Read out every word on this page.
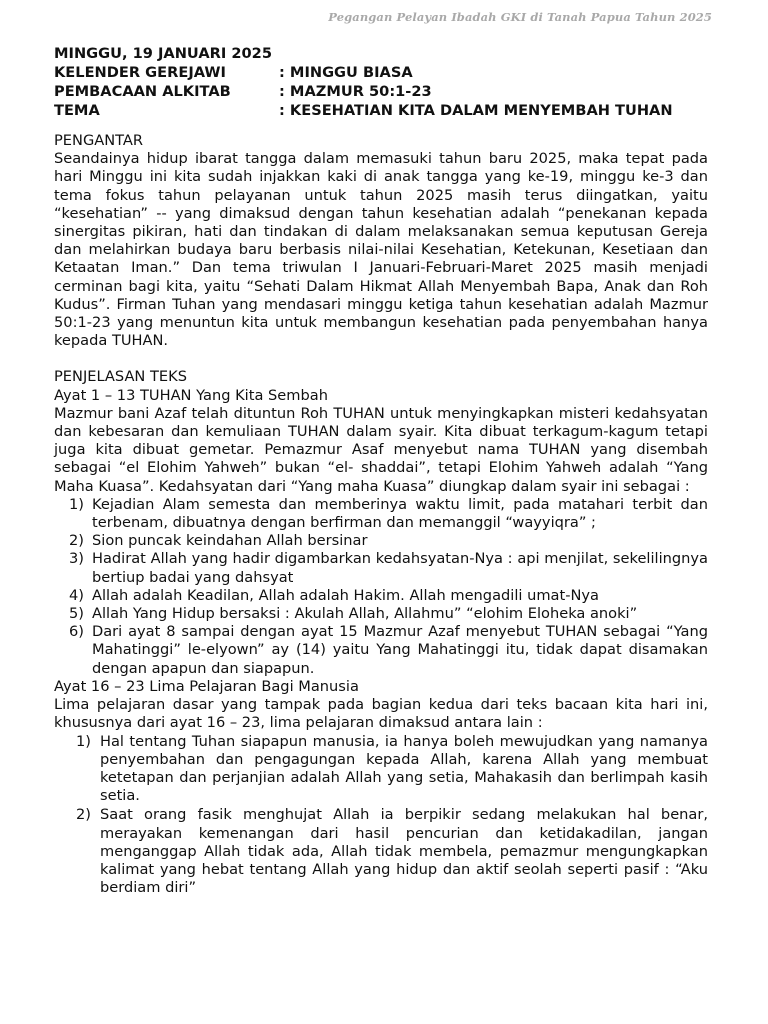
Pegangan Pelayan Ibadah GKI di Tanah Papua Tahun 2025
MINGGU, 19 JANUARI 2025
KELENDER GEREJAWI	: MINGGU BIASA
PEMBACAAN ALKITAB	: MAZMUR 50:1-23
TEMA	: KESEHATIAN KITA DALAM MENYEMBAH TUHAN
PENGANTAR

Seandainya hidup ibarat tangga dalam memasuki tahun baru 2025, maka tepat pada hari Minggu ini kita sudah injakkan kaki di anak tangga yang ke-19, minggu ke-3 dan tema fokus tahun pelayanan untuk tahun 2025 masih terus diingatkan, yaitu “kesehatian” -- yang dimaksud dengan tahun kesehatian adalah “penekanan kepada sinergitas pikiran, hati dan tindakan di dalam melaksanakan semua keputusan Gereja dan melahirkan budaya baru berbasis nilai-nilai Kesehatian, Ketekunan, Kesetiaan dan Ketaatan Iman.” Dan tema triwulan I Januari-Februari-Maret 2025 masih menjadi cerminan bagi kita, yaitu “Sehati Dalam Hikmat Allah Menyembah Bapa, Anak dan Roh Kudus”. Firman Tuhan yang mendasari minggu ketiga tahun kesehatian adalah Mazmur 50:1-23 yang menuntun kita untuk membangun kesehatian pada penyembahan hanya kepada TUHAN.

PENJELASAN TEKS
Ayat 1 – 13 TUHAN Yang Kita Sembah

Mazmur bani Azaf telah dituntun Roh TUHAN untuk menyingkapkan misteri kedahsyatan dan kebesaran dan kemuliaan TUHAN dalam syair. Kita dibuat terkagum-kagum tetapi juga kita dibuat gemetar. Pemazmur Asaf menyebut nama TUHAN yang disembah sebagai “el Elohim Yahweh” bukan “el- shaddai”, tetapi Elohim Yahweh adalah “Yang Maha Kuasa”. Kedahsyatan dari “Yang maha Kuasa” diungkap dalam syair ini sebagai :

1) Kejadian Alam semesta dan memberinya waktu limit, pada matahari terbit dan terbenam, dibuatnya dengan berfirman dan memanggil “wayyiqra” ;
2) Sion puncak keindahan Allah bersinar
3) Hadirat Allah yang hadir digambarkan kedahsyatan-Nya : api menjilat, sekelilingnya bertiup badai yang dahsyat
4) Allah adalah Keadilan, Allah adalah Hakim. Allah mengadili umat-Nya
5) Allah Yang Hidup bersaksi : Akulah Allah, Allahmu” “elohim Eloheka anoki”
6) Dari ayat 8 sampai dengan ayat 15 Mazmur Azaf menyebut TUHAN sebagai “Yang Mahatinggi” le-elyown” ay (14) yaitu Yang Mahatinggi itu, tidak dapat disamakan dengan apapun dan siapapun.
Ayat 16 – 23 Lima Pelajaran Bagi Manusia

Lima pelajaran dasar yang tampak pada bagian kedua dari teks bacaan kita hari ini, khususnya dari ayat 16 – 23, lima pelajaran dimaksud antara lain :

1) Hal tentang Tuhan siapapun manusia, ia hanya boleh mewujudkan yang namanya penyembahan dan pengagungan kepada Allah, karena Allah yang membuat ketetapan dan perjanjian adalah Allah yang setia, Mahakasih dan berlimpah kasih setia.
2) Saat orang fasik menghujat Allah ia berpikir sedang melakukan hal benar, merayakan kemenangan dari hasil pencurian dan ketidakadilan, jangan menganggap Allah tidak ada, Allah tidak membela, pemazmur mengungkapkan kalimat yang hebat tentang Allah yang hidup dan aktif seolah seperti pasif : “Aku berdiam diri”
